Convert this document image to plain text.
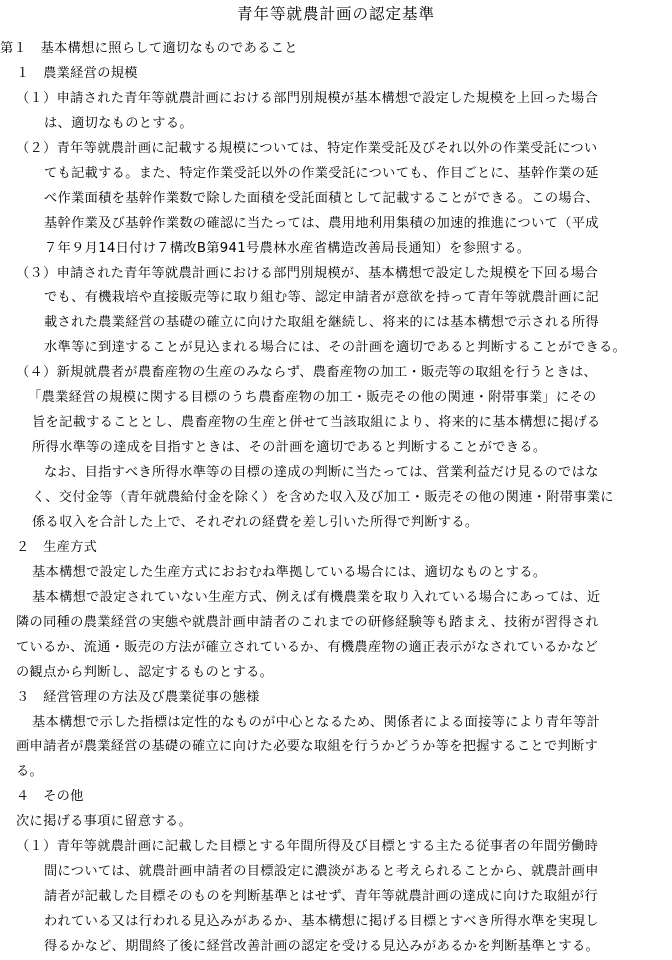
青年等就農計画の認定基準
第１　基本構想に照らして適切なものであること
１　農業経営の規模
（１）申請された青年等就農計画における部門別規模が基本構想で設定した規模を上回った場合
は、適切なものとする。
（２）青年等就農計画に記載する規模については、特定作業受託及びそれ以外の作業受託につい
ても記載する。また、特定作業受託以外の作業受託についても、作目ごとに、基幹作業の延
べ作業面積を基幹作業数で除した面積を受託面積として記載することができる。この場合、
基幹作業及び基幹作業数の確認に当たっては、農用地利用集積の加速的推進について（平成
７年９月14日付け７構改B第941号農林水産省構造改善局長通知）を参照する。
（３）申請された青年等就農計画における部門別規模が、基本構想で設定した規模を下回る場合
でも、有機栽培や直接販売等に取り組む等、認定申請者が意欲を持って青年等就農計画に記
載された農業経営の基礎の確立に向けた取組を継続し、将来的には基本構想で示される所得
水準等に到達することが見込まれる場合には、その計画を適切であると判断することができる。
（４）新規就農者が農畜産物の生産のみならず、農畜産物の加工・販売等の取組を行うときは、
「農業経営の規模に関する目標のうち農畜産物の加工・販売その他の関連・附帯事業」にその
旨を記載することとし、農畜産物の生産と併せて当該取組により、将来的に基本構想に掲げる
所得水準等の達成を目指すときは、その計画を適切であると判断することができる。
なお、目指すべき所得水準等の目標の達成の判断に当たっては、営業利益だけ見るのではな
く、交付金等（青年就農給付金を除く）を含めた収入及び加工・販売その他の関連・附帯事業に
係る収入を合計した上で、それぞれの経費を差し引いた所得で判断する。
２　生産方式
基本構想で設定した生産方式におおむね準拠している場合には、適切なものとする。
基本構想で設定されていない生産方式、例えば有機農業を取り入れている場合にあっては、近
隣の同種の農業経営の実態や就農計画申請者のこれまでの研修経験等も踏まえ、技術が習得され
ているか、流通・販売の方法が確立されているか、有機農産物の適正表示がなされているかなど
の観点から判断し、認定するものとする。
３　経営管理の方法及び農業従事の態様
基本構想で示した指標は定性的なものが中心となるため、関係者による面接等により青年等計
画申請者が農業経営の基礎の確立に向けた必要な取組を行うかどうか等を把握することで判断す
る。
４　その他
次に掲げる事項に留意する。
（１）青年等就農計画に記載した目標とする年間所得及び目標とする主たる従事者の年間労働時
間については、就農計画申請者の目標設定に濃淡があると考えられることから、就農計画申
請者が記載した目標そのものを判断基準とはせず、青年等就農計画の達成に向けた取組が行
われている又は行われる見込みがあるか、基本構想に掲げる目標とすべき所得水準を実現し
得るかなど、期間終了後に経営改善計画の認定を受ける見込みがあるかを判断基準とする。
